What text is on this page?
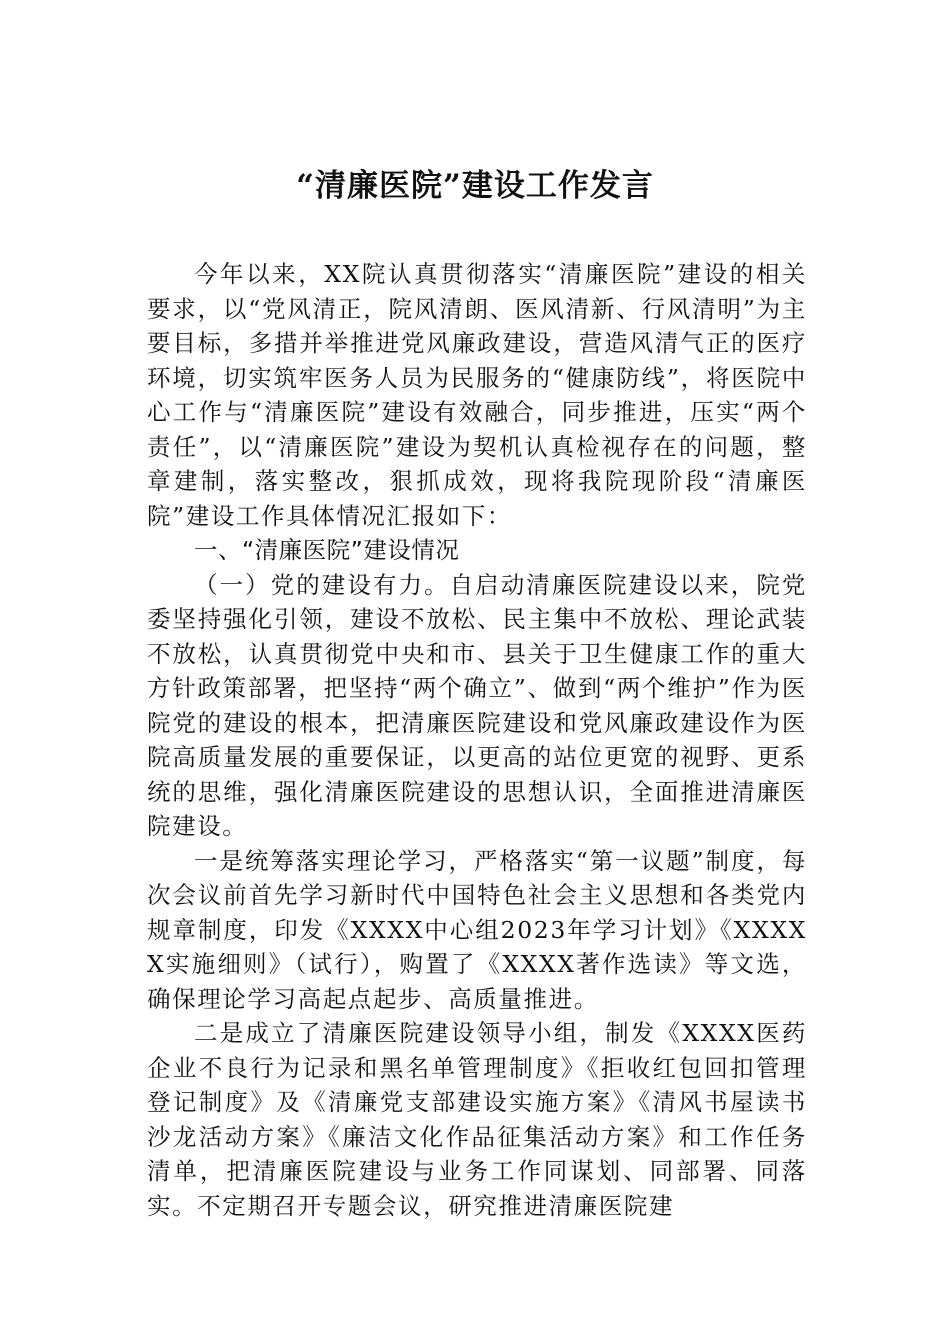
“清廉医院”建设工作发言

今年以来，XX院认真贯彻落实“清廉医院”建设的相关要求，以“党风清正，院风清朗、医风清新、行风清明”为主要目标，多措并举推进党风廉政建设，营造风清气正的医疗环境，切实筑牢医务人员为民服务的“健康防线”，将医院中心工作与“清廉医院”建设有效融合，同步推进，压实“两个责任”，以“清廉医院”建设为契机认真检视存在的问题，整章建制，落实整改，狠抓成效，现将我院现阶段“清廉医院”建设工作具体情况汇报如下：

一、“清廉医院”建设情况

（一）党的建设有力。自启动清廉医院建设以来，院党委坚持强化引领，建设不放松、民主集中不放松、理论武装不放松，认真贯彻党中央和市、县关于卫生健康工作的重大方针政策部署，把坚持“两个确立”、做到“两个维护”作为医院党的建设的根本，把清廉医院建设和党风廉政建设作为医院高质量发展的重要保证，以更高的站位更宽的视野、更系统的思维，强化清廉医院建设的思想认识，全面推进清廉医院建设。

一是统筹落实理论学习，严格落实“第一议题”制度，每次会议前首先学习新时代中国特色社会主义思想和各类党内规章制度，印发《XXXX中心组2023年学习计划》《XXXXX实施细则》（试行），购置了《XXXX著作选读》等文选，确保理论学习高起点起步、高质量推进。

二是成立了清廉医院建设领导小组，制发《XXXX医药企业不良行为记录和黑名单管理制度》《拒收红包回扣管理登记制度》及《清廉党支部建设实施方案》《清风书屋读书沙龙活动方案》《廉洁文化作品征集活动方案》和工作任务清单，把清廉医院建设与业务工作同谋划、同部署、同落实。不定期召开专题会议，研究推进清廉医院建
